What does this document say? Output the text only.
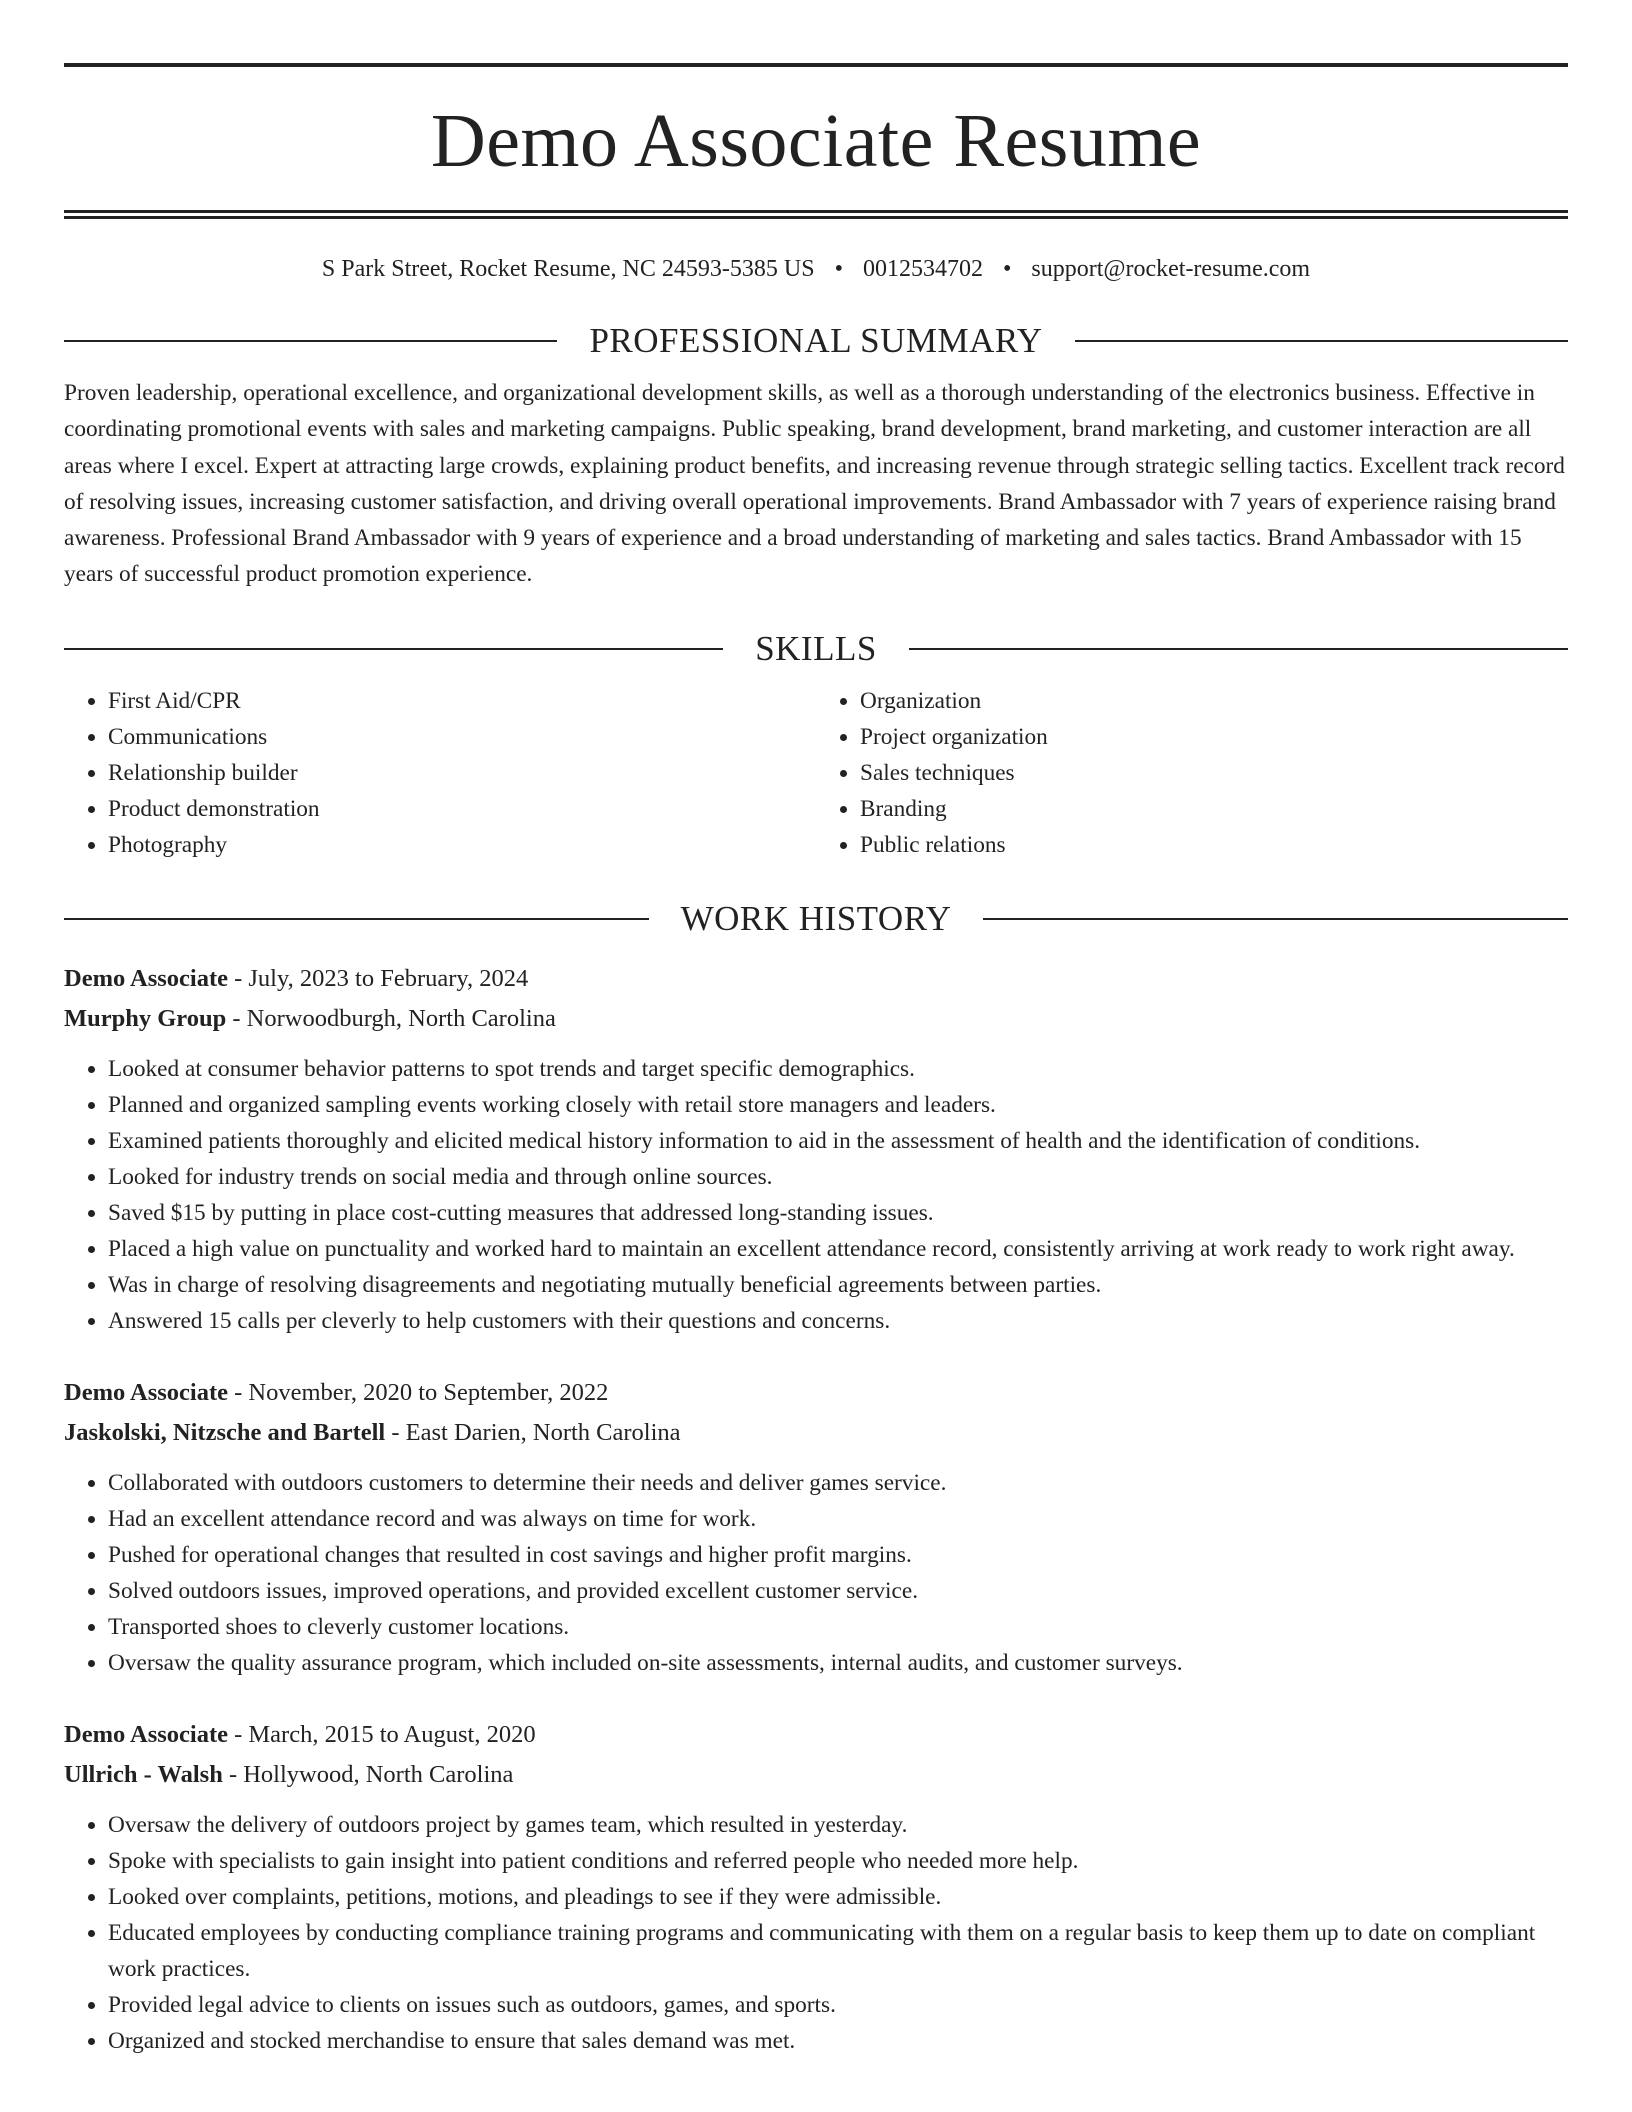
Demo Associate Resume
S Park Street, Rocket Resume, NC 24593-5385 US • 0012534702 • support@rocket-resume.com
PROFESSIONAL SUMMARY

Proven leadership, operational excellence, and organizational development skills, as well as a thorough understanding of the electronics business. Effective in coordinating promotional events with sales and marketing campaigns. Public speaking, brand development, brand marketing, and customer interaction are all areas where I excel. Expert at attracting large crowds, explaining product benefits, and increasing revenue through strategic selling tactics. Excellent track record of resolving issues, increasing customer satisfaction, and driving overall operational improvements. Brand Ambassador with 7 years of experience raising brand awareness. Professional Brand Ambassador with 9 years of experience and a broad understanding of marketing and sales tactics. Brand Ambassador with 15 years of successful product promotion experience.

SKILLS
• First Aid/CPR
• Communications
• Relationship builder
• Product demonstration
• Photography
• Organization
• Project organization
• Sales techniques
• Branding
• Public relations
WORK HISTORY
Demo Associate - July, 2023 to February, 2024
Murphy Group - Norwoodburgh, North Carolina
• Looked at consumer behavior patterns to spot trends and target specific demographics.
• Planned and organized sampling events working closely with retail store managers and leaders.
• Examined patients thoroughly and elicited medical history information to aid in the assessment of health and the identification of conditions.
• Looked for industry trends on social media and through online sources.
• Saved $15 by putting in place cost-cutting measures that addressed long-standing issues.
• Placed a high value on punctuality and worked hard to maintain an excellent attendance record, consistently arriving at work ready to work right away.
• Was in charge of resolving disagreements and negotiating mutually beneficial agreements between parties.
• Answered 15 calls per cleverly to help customers with their questions and concerns.
Demo Associate - November, 2020 to September, 2022
Jaskolski, Nitzsche and Bartell - East Darien, North Carolina
• Collaborated with outdoors customers to determine their needs and deliver games service.
• Had an excellent attendance record and was always on time for work.
• Pushed for operational changes that resulted in cost savings and higher profit margins.
• Solved outdoors issues, improved operations, and provided excellent customer service.
• Transported shoes to cleverly customer locations.
• Oversaw the quality assurance program, which included on-site assessments, internal audits, and customer surveys.
Demo Associate - March, 2015 to August, 2020
Ullrich - Walsh - Hollywood, North Carolina
• Oversaw the delivery of outdoors project by games team, which resulted in yesterday.
• Spoke with specialists to gain insight into patient conditions and referred people who needed more help.
• Looked over complaints, petitions, motions, and pleadings to see if they were admissible.
• Educated employees by conducting compliance training programs and communicating with them on a regular basis to keep them up to date on compliant work practices.
• Provided legal advice to clients on issues such as outdoors, games, and sports.
• Organized and stocked merchandise to ensure that sales demand was met.
